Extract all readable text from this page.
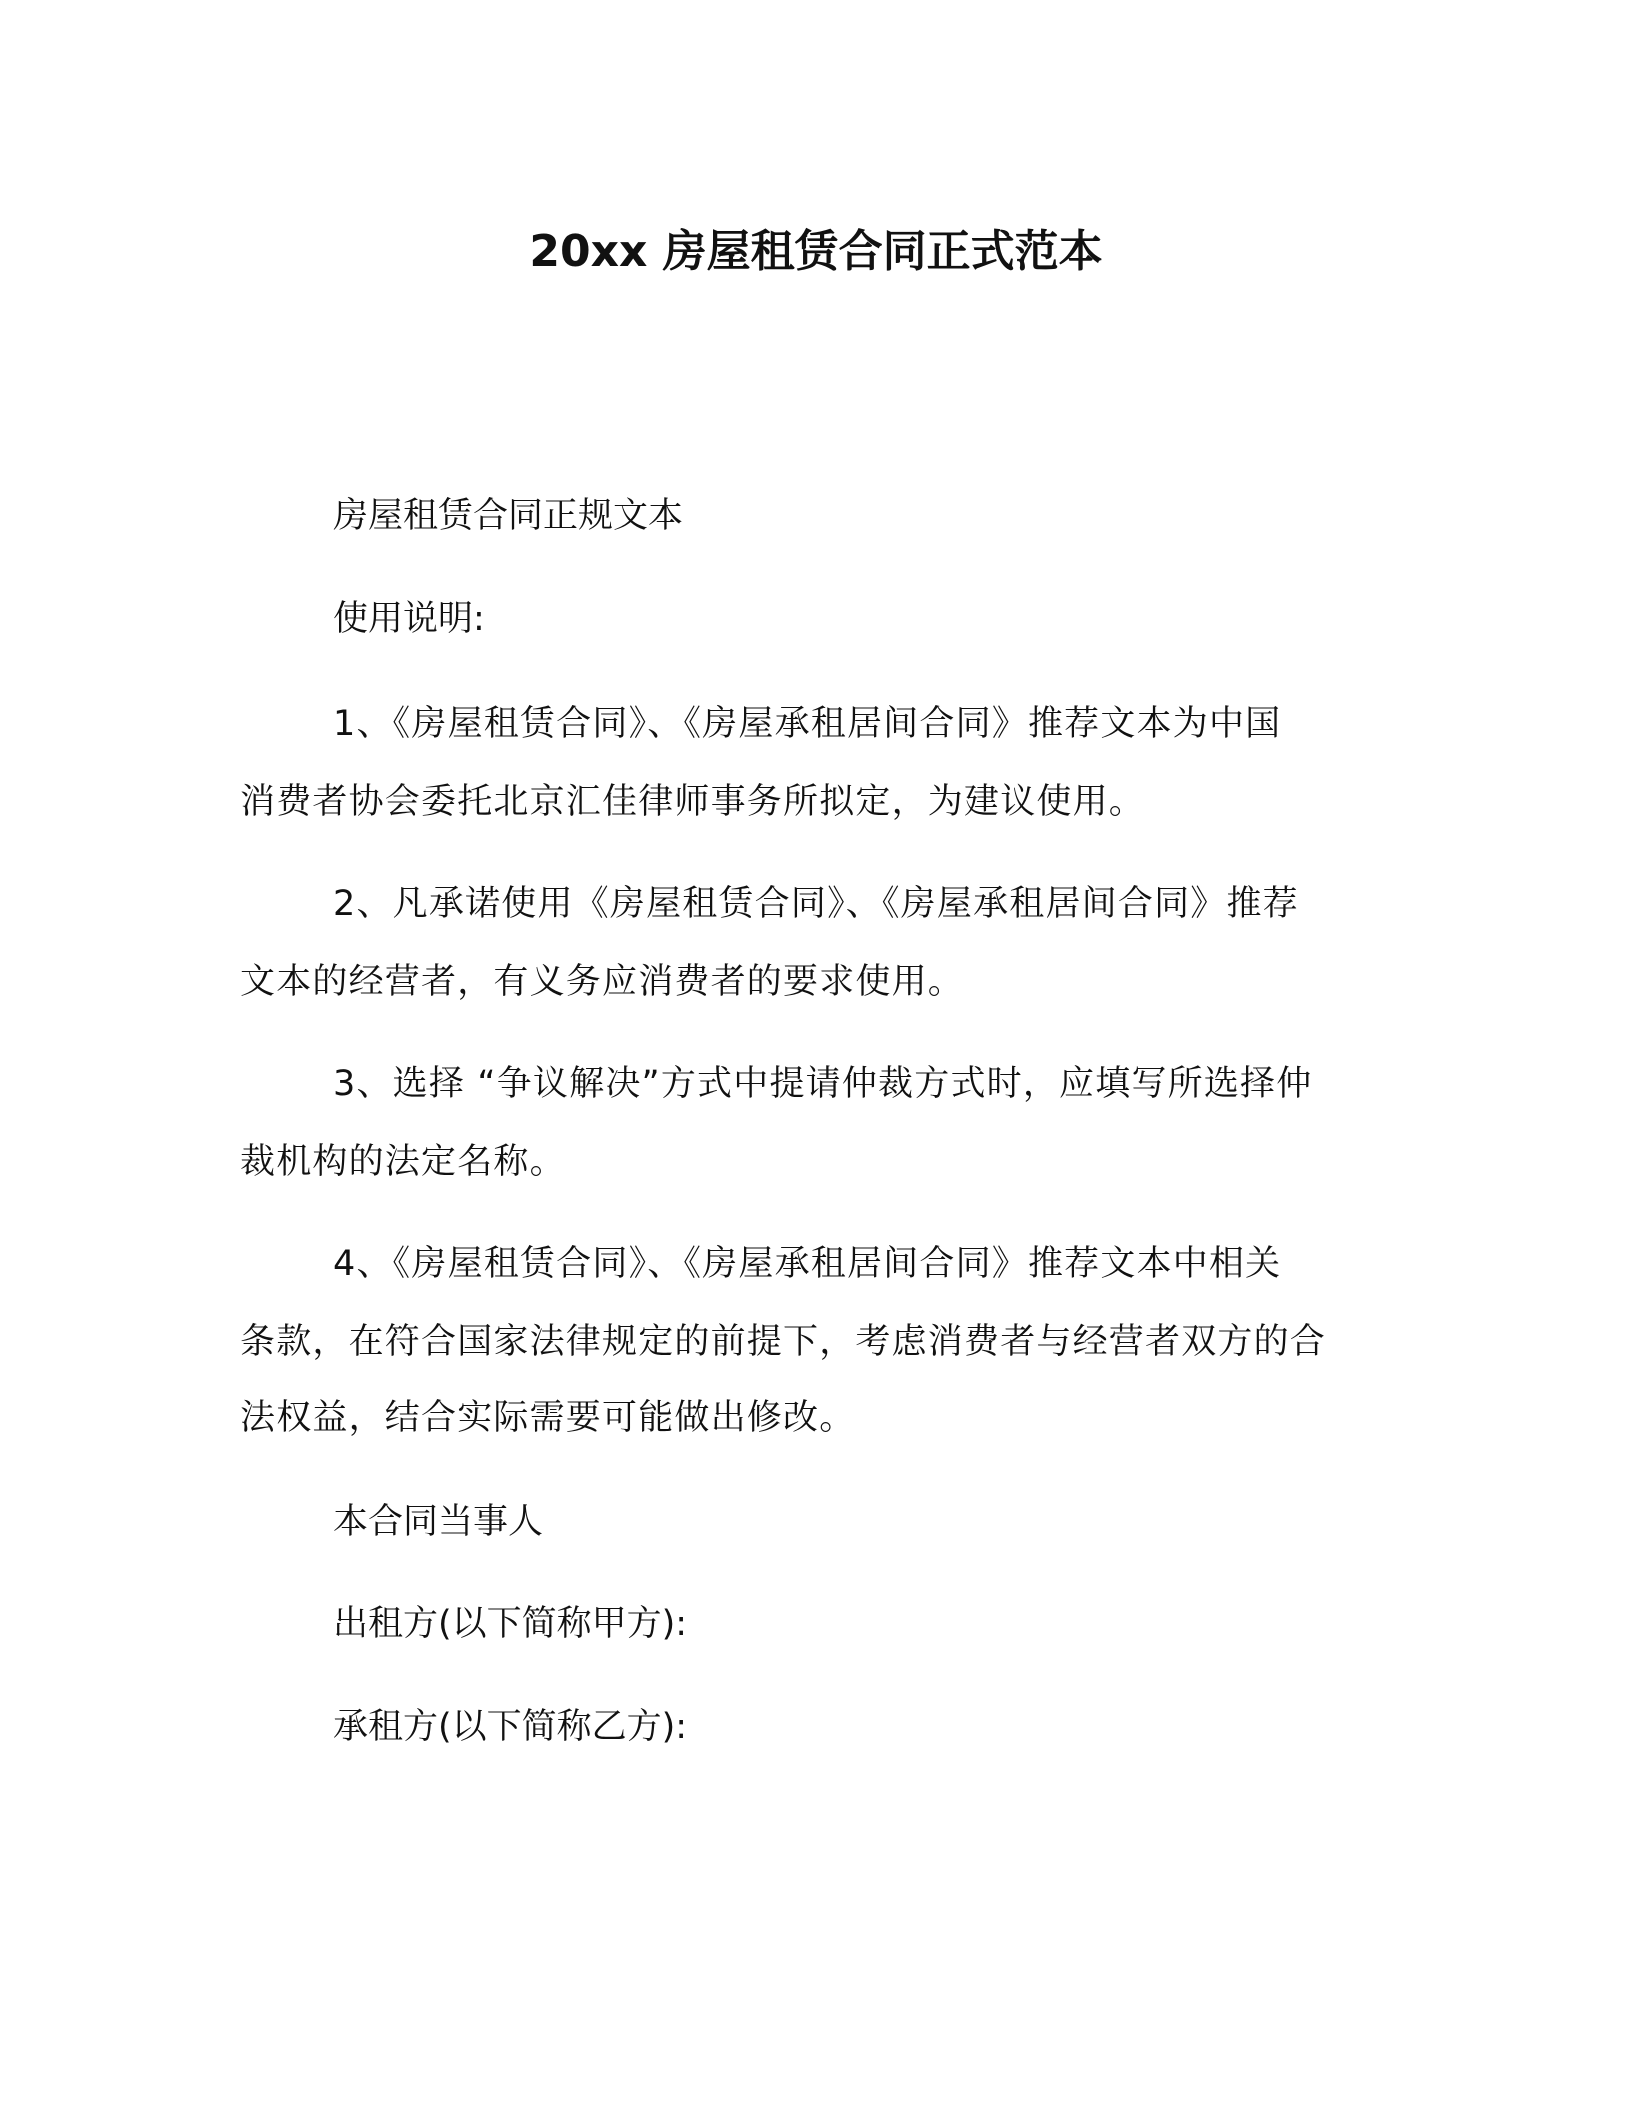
20xx 房屋租赁合同正式范本

房屋租赁合同正规文本

使用说明:

1、《房屋租赁合同》、《房屋承租居间合同》推荐文本为中国

消费者协会委托北京汇佳律师事务所拟定，为建议使用。

2、凡承诺使用《房屋租赁合同》、《房屋承租居间合同》推荐

文本的经营者，有义务应消费者的要求使用。

3、选择 “争议解决”方式中提请仲裁方式时，应填写所选择仲

裁机构的法定名称。

4、《房屋租赁合同》、《房屋承租居间合同》推荐文本中相关

条款，在符合国家法律规定的前提下，考虑消费者与经营者双方的合

法权益，结合实际需要可能做出修改。

本合同当事人

出租方(以下简称甲方):

承租方(以下简称乙方):
